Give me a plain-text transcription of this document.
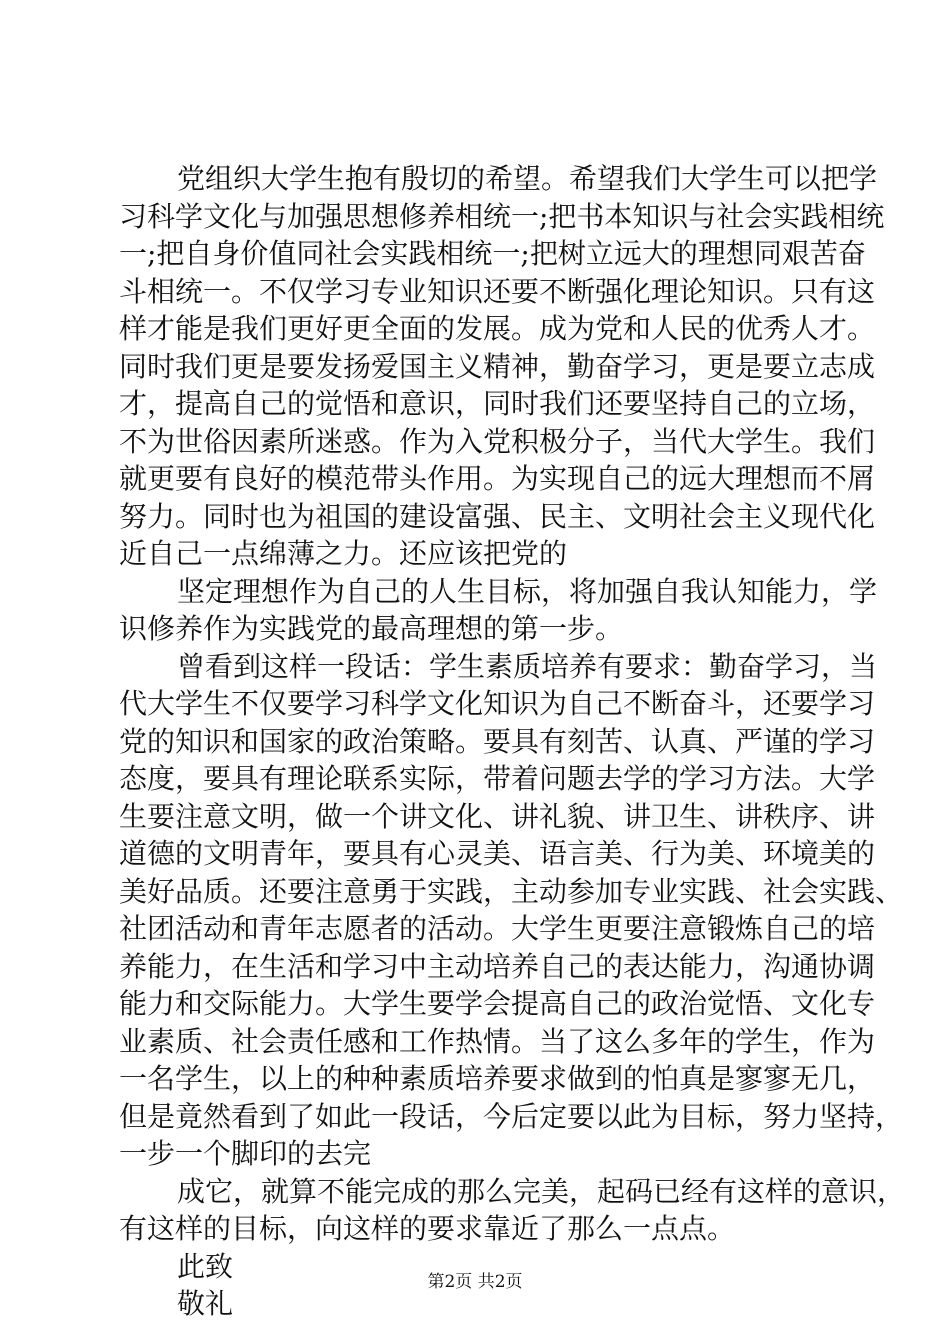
党组织大学生抱有殷切的希望。希望我们大学生可以把学
习科学文化与加强思想修养相统一;把书本知识与社会实践相统
一;把自身价值同社会实践相统一;把树立远大的理想同艰苦奋
斗相统一。不仅学习专业知识还要不断强化理论知识。只有这
样才能是我们更好更全面的发展。成为党和人民的优秀人才。
同时我们更是要发扬爱国主义精神，勤奋学习，更是要立志成
才，提高自己的觉悟和意识，同时我们还要坚持自己的立场，
不为世俗因素所迷惑。作为入党积极分子，当代大学生。我们
就更要有良好的模范带头作用。为实现自己的远大理想而不屑
努力。同时也为祖国的建设富强、民主、文明社会主义现代化
近自己一点绵薄之力。还应该把党的
坚定理想作为自己的人生目标，将加强自我认知能力，学
识修养作为实践党的最高理想的第一步。
曾看到这样一段话：学生素质培养有要求：勤奋学习，当
代大学生不仅要学习科学文化知识为自己不断奋斗，还要学习
党的知识和国家的政治策略。要具有刻苦、认真、严谨的学习
态度，要具有理论联系实际，带着问题去学的学习方法。大学
生要注意文明，做一个讲文化、讲礼貌、讲卫生、讲秩序、讲
道德的文明青年，要具有心灵美、语言美、行为美、环境美的
美好品质。还要注意勇于实践，主动参加专业实践、社会实践、
社团活动和青年志愿者的活动。大学生更要注意锻炼自己的培
养能力，在生活和学习中主动培养自己的表达能力，沟通协调
能力和交际能力。大学生要学会提高自己的政治觉悟、文化专
业素质、社会责任感和工作热情。当了这么多年的学生，作为
一名学生，以上的种种素质培养要求做到的怕真是寥寥无几，
但是竟然看到了如此一段话，今后定要以此为目标，努力坚持，
一步一个脚印的去完
成它，就算不能完成的那么完美，起码已经有这样的意识，
有这样的目标，向这样的要求靠近了那么一点点。
此致
敬礼
第2页 共2页
